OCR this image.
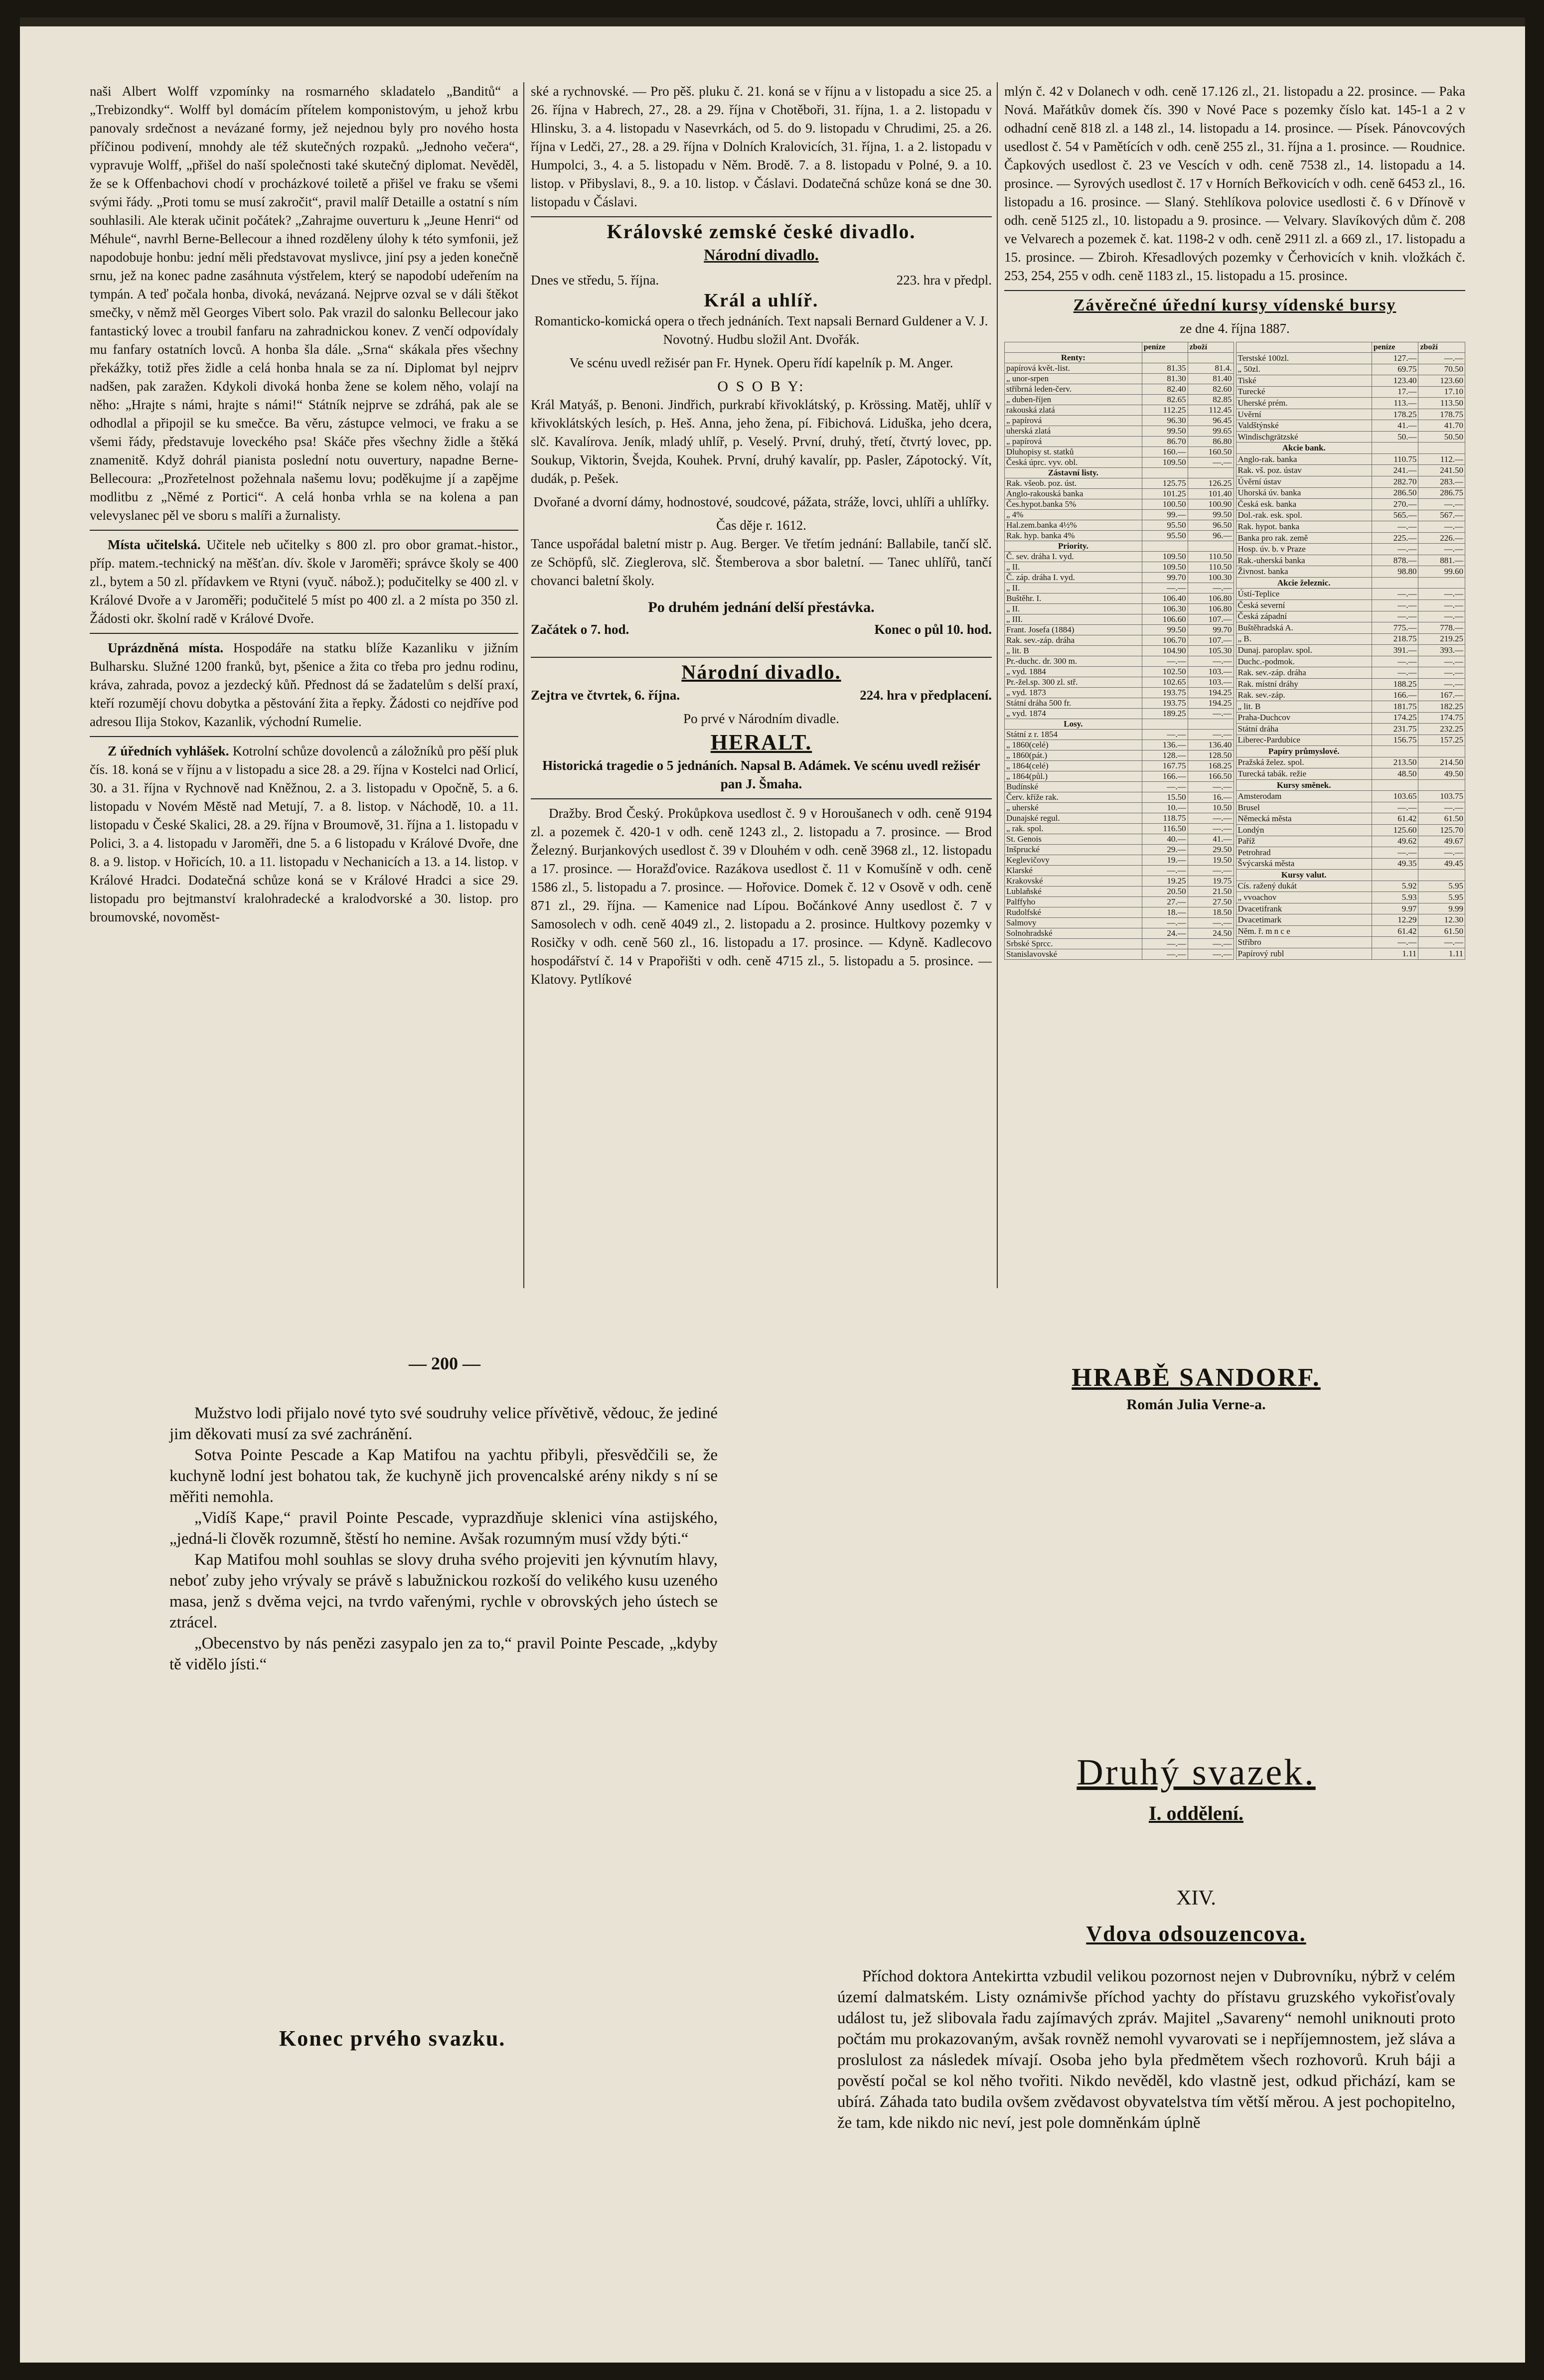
naši Albert Wolff vzpomínky na rosmarného skladatelo „Banditů“ a „Trebizondky“. Wolff byl domácím přítelem komponistovým, u jehož krbu panovaly srdečnost a nevázané formy, jež nejednou byly pro nového hosta příčinou podivení, mnohdy ale též skutečných rozpaků. „Jednoho večera“, vypravuje Wolff, „přišel do naší společnosti také skutečný diplomat. Nevěděl, že se k Offenbachovi chodí v procházkové toiletě a přišel ve fraku se všemi svými řády. „Proti tomu se musí zakročit“, pravil malíř Detaille a ostatní s ním souhlasili. Ale kterak učinit počátek? „Zahrajme ouverturu k „Jeune Henri“ od Méhule“, navrhl Berne-Bellecour a ihned rozděleny úlohy k této symfonii, jež napodobuje honbu: jední měli představovat myslivce, jiní psy a jeden konečně srnu, jež na konec padne zasáhnuta výstřelem, který se napodobí udeřením na tympán. A teď počala honba, divoká, nevázaná. Nejprve ozval se v dáli štěkot smečky, v němž měl Georges Vibert solo. Pak vrazil do salonku Bellecour jako fantastický lovec a troubil fanfaru na zahradnickou konev. Z venčí odpovídaly mu fanfary ostatních lovců. A honba šla dále. „Srna“ skákala přes všechny překážky, totiž přes židle a celá honba hnala se za ní. Diplomat byl nejprv nadšen, pak zaražen. Kdykoli divoká honba žene se kolem něho, volají na něho: „Hrajte s námi, hrajte s námi!“ Státník nejprve se zdráhá, pak ale se odhodlal a připojil se ku smečce. Ba věru, zástupce velmoci, ve fraku a se všemi řády, představuje loveckého psa! Skáče přes všechny židle a štěká znamenitě. Když dohrál pianista poslední notu ouvertury, napadne Berne-Bellecoura: „Prozřetelnost požehnala našemu lovu; poděkujme jí a zapějme modlitbu z „Němé z Portici“. A celá honba vrhla se na kolena a pan velevyslanec pěl ve sboru s malíři a žurnalisty.

Místa učitelská. Učitele neb učitelky s 800 zl. pro obor gramat.-histor., příp. matem.-technický na měšťan. dív. škole v Jaroměři; správce školy se 400 zl., bytem a 50 zl. přídavkem ve Rtyni (vyuč. nábož.); podučitelky se 400 zl. v Králové Dvoře a v Jaroměři; podučitelé 5 míst po 400 zl. a 2 místa po 350 zl. Žádosti okr. školní radě v Králové Dvoře.

Uprázdněná místa. Hospodáře na statku blíže Kazanliku v jižním Bulharsku. Služné 1200 franků, byt, pšenice a žita co třeba pro jednu rodinu, kráva, zahrada, povoz a jezdecký kůň. Přednost dá se žadatelům s delší praxí, kteří rozumějí chovu dobytka a pěstování žita a řepky. Žádosti co nejdříve pod adresou Ilija Stokov, Kazanlik, východní Rumelie.

Z úředních vyhlášek. Kotrolní schůze dovolenců a záložníků pro pěší pluk čís. 18. koná se v říjnu a v listopadu a sice 28. a 29. října v Kostelci nad Orlicí, 30. a 31. října v Rychnově nad Kněžnou, 2. a 3. listopadu v Opočně, 5. a 6. listopadu v Novém Městě nad Metují, 7. a 8. listop. v Náchodě, 10. a 11. listopadu v České Skalici, 28. a 29. října v Broumově, 31. října a 1. listopadu v Polici, 3. a 4. listopadu v Jaroměři, dne 5. a 6 listopadu v Králové Dvoře, dne 8. a 9. listop. v Hořicích, 10. a 11. listopadu v Nechanicích a 13. a 14. listop. v Králové Hradci. Dodatečná schůze koná se v Králové Hradci a sice 29. listopadu pro bejtmanství kralohradecké a kralodvorské a 30. listop. pro broumovské, novoměst-

ské a rychnovské. — Pro pěš. pluku č. 21. koná se v říjnu a v listopadu a sice 25. a 26. října v Habrech, 27., 28. a 29. října v Chotěboři, 31. října, 1. a 2. listopadu v Hlinsku, 3. a 4. listopadu v Nasevrkách, od 5. do 9. listopadu v Chrudimi, 25. a 26. října v Ledči, 27., 28. a 29. října v Dolních Kralovicích, 31. října, 1. a 2. listopadu v Humpolci, 3., 4. a 5. listopadu v Něm. Brodě. 7. a 8. listopadu v Polné, 9. a 10. listop. v Přibyslavi, 8., 9. a 10. listop. v Čáslavi. Dodatečná schůze koná se dne 30. listopadu v Čáslavi.

Královské zemské české divadlo.
Národní divadlo.
Dnes ve středu, 5. října.	223. hra v předpl.
Král a uhlíř.

Romanticko-komická opera o třech jednáních. Text napsali Bernard Guldener a V. J. Novotný. Hudbu složil Ant. Dvořák.

Ve scénu uvedl režisér pan Fr. Hynek. Operu řídí kapelník p. M. Anger.

O S O B Y:

Král Matyáš, p. Benoni. Jindřich, purkrabí křivoklátský, p. Krössing. Matěj, uhlíř v křivoklátských lesích, p. Heš. Anna, jeho žena, pí. Fibichová. Liduška, jeho dcera, slč. Kavalírova. Jeník, mladý uhlíř, p. Veselý. První, druhý, třetí, čtvrtý lovec, pp. Soukup, Viktorin, Švejda, Kouhek. První, druhý kavalír, pp. Pasler, Zápotocký. Vít, dudák, p. Pešek.

Dvořané a dvorní dámy, hodnostové, soudcové, pážata, stráže, lovci, uhlíři a uhlířky.

Čas děje r. 1612.

Tance uspořádal baletní mistr p. Aug. Berger. Ve třetím jednání: Ballabile, tančí slč. ze Schöpfů, slč. Zieglerova, slč. Štemberova a sbor baletní. — Tanec uhlířů, tančí chovanci baletní školy.

Po druhém jednání delší přestávka.
Začátek o 7. hod.	Konec o půl 10. hod.
Národní divadlo.
Zejtra ve čtvrtek, 6. října.	224. hra v předplacení.
Po prvé v Národním divadle.
HERALT.

Historická tragedie o 5 jednáních. Napsal B. Adámek. Ve scénu uvedl režisér pan J. Šmaha.

Dražby. Brod Český. Prokůpkova usedlost č. 9 v Horoušanech v odh. ceně 9194 zl. a pozemek č. 420-1 v odh. ceně 1243 zl., 2. listopadu a 7. prosince. — Brod Železný. Burjankových usedlost č. 39 v Dlouhém v odh. ceně 3968 zl., 12. listopadu a 17. prosince. — Horažďovice. Razákova usedlost č. 11 v Komušíně v odh. ceně 1586 zl., 5. listopadu a 7. prosince. — Hořovice. Domek č. 12 v Osově v odh. ceně 871 zl., 29. října. — Kamenice nad Lípou. Bočánkové Anny usedlost č. 7 v Samosolech v odh. ceně 4049 zl., 2. listopadu a 2. prosince. Hultkovy pozemky v Rosičky v odh. ceně 560 zl., 16. listopadu a 17. prosince. — Kdyně. Kadlecovo hospodářství č. 14 v Prapořišti v odh. ceně 4715 zl., 5. listopadu a 5. prosince. — Klatovy. Pytlíkové

mlýn č. 42 v Dolanech v odh. ceně 17.126 zl., 21. listopadu a 22. prosince. — Paka Nová. Mařátkův domek čís. 390 v Nové Pace s pozemky číslo kat. 145-1 a 2 v odhadní ceně 818 zl. a 148 zl., 14. listopadu a 14. prosince. — Písek. Pánovcových usedlost č. 54 v Pamětících v odh. ceně 255 zl., 31. října a 1. prosince. — Roudnice. Čapkových usedlost č. 23 ve Vescích v odh. ceně 7538 zl., 14. listopadu a 14. prosince. — Syrových usedlost č. 17 v Horních Beřkovicích v odh. ceně 6453 zl., 16. listopadu a 16. prosince. — Slaný. Stehlíkova polovice usedlosti č. 6 v Dřínově v odh. ceně 5125 zl., 10. listopadu a 9. prosince. — Velvary. Slavíkových dům č. 208 ve Velvarech a pozemek č. kat. 1198-2 v odh. ceně 2911 zl. a 669 zl., 17. listopadu a 15. prosince. — Zbiroh. Křesadlových pozemky v Čerhovicích v knih. vložkách č. 253, 254, 255 v odh. ceně 1183 zl., 15. listopadu a 15. prosince.

Závěrečné úřední kursy vídenské bursy
ze dne 4. října 1887.
	peníze	zboží
Renty:		
papírová květ.-list.	81.35	81.4.
„ unor-srpen	81.30	81.40
stříbrná leden-červ.	82.40	82.60
„ duben-říjen	82.65	82.85
rakouská zlatá	112.25	112.45
„ papírová	96.30	96.45
uherská zlatá	99.50	99.65
„ papírová	86.70	86.80
Dluhopisy st. statků	160.—	160.50
Česká úprc. vyv. obl.	109.50	—.—
Zástavní listy.		
Rak. všeob. poz. úst.	125.75	126.25
Anglo-rakouská banka	101.25	101.40
Čes.hypot.banka 5%	100.50	100.90
„ 4%	99.—	99.50
Hal.zem.banka 4½%	95.50	96.50
Rak. hyp. banka 4%	95.50	96.—
Priority.		
Č. sev. dráha I. vyd.	109.50	110.50
„ II.	109.50	110.50
Č. záp. dráha I. vyd.	99.70	100.30
„ II.	—.—	—.—
Buštěhr. I.	106.40	106.80
„ II.	106.30	106.80
„ III.	106.60	107.—
Frant. Josefa (1884)	99.50	99.70
Rak. sev.-záp. dráha	106.70	107.—
„ lit. B	104.90	105.30
Pr.-duchc. dr. 300 m.	—.—	—.—
„ vyd. 1884	102.50	103.—
Pr.-žel.sp. 300 zl. stř.	102.65	103.—
„ vyd. 1873	193.75	194.25
Státní dráha 500 fr.	193.75	194.25
„ vyd. 1874	189.25	—.—
Losy.		
Státní z r. 1854	—.—	—.—
„ 1860(celé)	136.—	136.40
„ 1860(pát.)	128.—	128.50
„ 1864(celé)	167.75	168.25
„ 1864(půl.)	166.—	166.50
Budínské	—.—	—.—
Červ. kříže rak.	15.50	16.—
„ uherské	10.—	10.50
Dunajské regul.	118.75	—.—
„ rak. spol.	116.50	—.—
St. Genois	40.—	41.—
Inšprucké	29.—	29.50
Keglevičovy	19.—	19.50
Klarské	—.—	—.—
Krakovské	19.25	19.75
Lublaňské	20.50	21.50
Palffyho	27.—	27.50
Rudolfské	18.—	18.50
Salmovy	—.—	—.—
Solnohradské	24.—	24.50
Srbské Sprcc.	—.—	—.—
Stanislavovské	—.—	—.—
	peníze	zboží
Terstské 100zl.	127.—	—.—
„ 50zl.	69.75	70.50
Tiské	123.40	123.60
Turecké	17.—	17.10
Uherské prém.	113.—	113.50
Uvěrní	178.25	178.75
Valdštýnské	41.—	41.70
Windischgrätzské	50.—	50.50
Akcie bank.		
Anglo-rak. banka	110.75	112.—
Rak. vš. poz. ústav	241.—	241.50
Úvěrní ústav	282.70	283.—
Uhorská úv. banka	286.50	286.75
Česká esk. banka	270.—	—.—
Dol.-rak. esk. spol.	565.—	567.—
Rak. hypot. banka	—.—	—.—
Banka pro rak. země	225.—	226.—
Hosp. úv. b. v Praze	—.—	—.—
Rak.-uherská banka	878.—	881.—
Živnost. banka	98.80	99.60
Akcie železnic.		
Ústí-Teplice	—.—	—.—
Česká severní	—.—	—.—
Česká západní	—.—	—.—
Buštěhradská A.	775.—	778.—
„ B.	218.75	219.25
Dunaj. paroplav. spol.	391.—	393.—
Duchc.-podmok.	—.—	—.—
Rak. sev.-záp. dráha	—.—	—.—
Rak. místní dráhy	188.25	—.—
Rak. sev.-záp.	166.—	167.—
„ lit. B	181.75	182.25
Praha-Duchcov	174.25	174.75
Státní dráha	231.75	232.25
Liberec-Pardubice	156.75	157.25
Papíry průmyslové.		
Pražská želez. spol.	213.50	214.50
Turecká tabák. režie	48.50	49.50
Kursy směnek.		
Amsterodam	103.65	103.75
Brusel	—.—	—.—
Německá města	61.42	61.50
Londýn	125.60	125.70
Paříž	49.62	49.67
Petrohrad	—.—	—.—
Švýcarská města	49.35	49.45
Kursy valut.		
Cís. ražený dukát	5.92	5.95
„ vvoachov	5.93	5.95
Dvacetifrank	9.97	9.99
Dvacetimark	12.29	12.30
Něm. ř. m n c e	61.42	61.50
Stříbro	—.—	—.—
Papírový rubl	1.11	1.11
— 200 —

Mužstvo lodi přijalo nové tyto své soudruhy velice přívětivě, vědouc, že jediné jim děkovati musí za své zachránění.

Sotva Pointe Pescade a Kap Matifou na yachtu přibyli, přesvědčili se, že kuchyně lodní jest bohatou tak, že kuchyně jich provencalské arény nikdy s ní se měřiti nemohla.

„Vidíš Kape,“ pravil Pointe Pescade, vyprazdňuje sklenici vína astijského, „jedná-li člověk rozumně, štěstí ho nemine. Avšak rozumným musí vždy býti.“

Kap Matifou mohl souhlas se slovy druha svého projeviti jen kývnutím hlavy, neboť zuby jeho vrývaly se právě s labužnickou rozkoší do velikého kusu uzeného masa, jenž s dvěma vejci, na tvrdo vařenými, rychle v obrovských jeho ústech se ztrácel.

„Obecenstvo by nás penězi zasypalo jen za to,“ pravil Pointe Pescade, „kdyby tě vidělo jísti.“

Konec prvého svazku.
HRABĚ SANDORF.
Román Julia Verne-a.
Druhý svazek.
I. oddělení.
XIV.
Vdova odsouzencova.

Příchod doktora Antekirtta vzbudil velikou pozornost nejen v Dubrovníku, nýbrž v celém území dalmatském. Listy oznámivše příchod yachty do přístavu gruzského vykořisťovaly událost tu, jež slibovala řadu zajímavých zpráv. Majitel „Savareny“ nemohl uniknouti proto počtám mu prokazovaným, avšak rovněž nemohl vyvarovati se i nepříjemnostem, jež sláva a proslulost za následek mívají. Osoba jeho byla předmětem všech rozhovorů. Kruh báji a pověstí počal se kol něho tvořiti. Nikdo nevěděl, kdo vlastně jest, odkud přichází, kam se ubírá. Záhada tato budila ovšem zvědavost obyvatelstva tím větší měrou. A jest pochopitelno, že tam, kde nikdo nic neví, jest pole domněnkám úplně
